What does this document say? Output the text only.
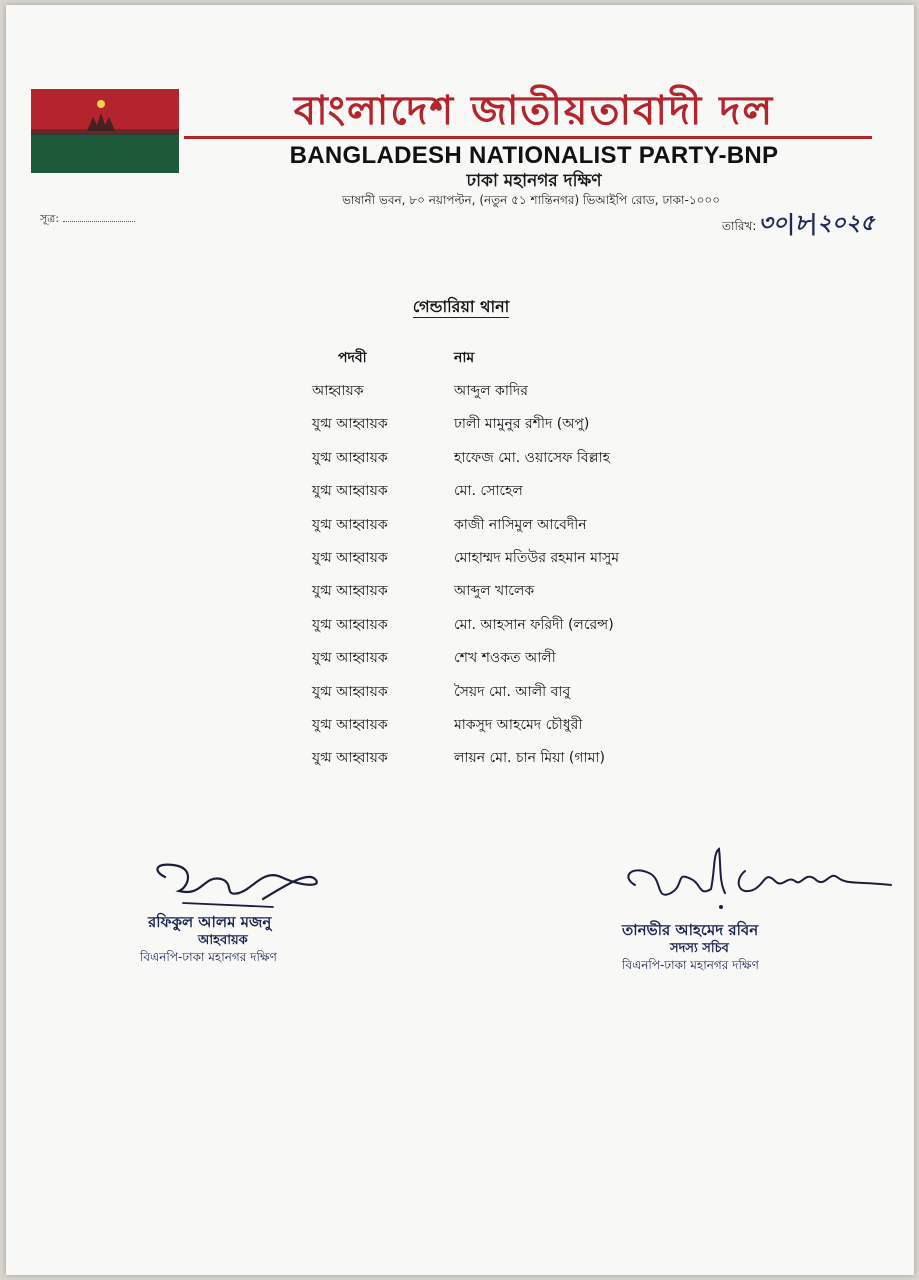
বাংলাদেশ জাতীয়তাবাদী দল
BANGLADESH NATIONALIST PARTY-BNP
ঢাকা মহানগর দক্ষিণ
ভাষানী ভবন, ৮০ নয়াপল্টন, (নতুন ৫১ শান্তিনগর) ভিআইপি রোড, ঢাকা-১০০০
সূত্র:
তারিখ:৩০|৮|২০২৫
গেন্ডারিয়া থানা
পদবী	নাম
আহ্বায়ক	আব্দুল কাদির
যুগ্ম আহ্বায়ক	ঢালী মামুনুর রশীদ (অপু)
যুগ্ম আহ্বায়ক	হাফেজ মো. ওয়াসেফ বিল্লাহ
যুগ্ম আহ্বায়ক	মো. সোহেল
যুগ্ম আহ্বায়ক	কাজী নাসিমুল আবেদীন
যুগ্ম আহ্বায়ক	মোহাম্মদ মতিউর রহমান মাসুম
যুগ্ম আহ্বায়ক	আব্দুল খালেক
যুগ্ম আহ্বায়ক	মো. আহসান ফরিদী (লরেন্স)
যুগ্ম আহ্বায়ক	শেখ শওকত আলী
যুগ্ম আহ্বায়ক	সৈয়দ মো. আলী বাবু
যুগ্ম আহ্বায়ক	মাকসুদ আহমেদ চৌধুরী
যুগ্ম আহ্বায়ক	লায়ন মো. চান মিয়া (গামা)
রফিকুল আলম মজনু
আহবায়ক
বিএনপি-ঢাকা মহানগর দক্ষিণ
তানভীর আহমেদ রবিন
সদস্য সচিব
বিএনপি-ঢাকা মহানগর দক্ষিণ
